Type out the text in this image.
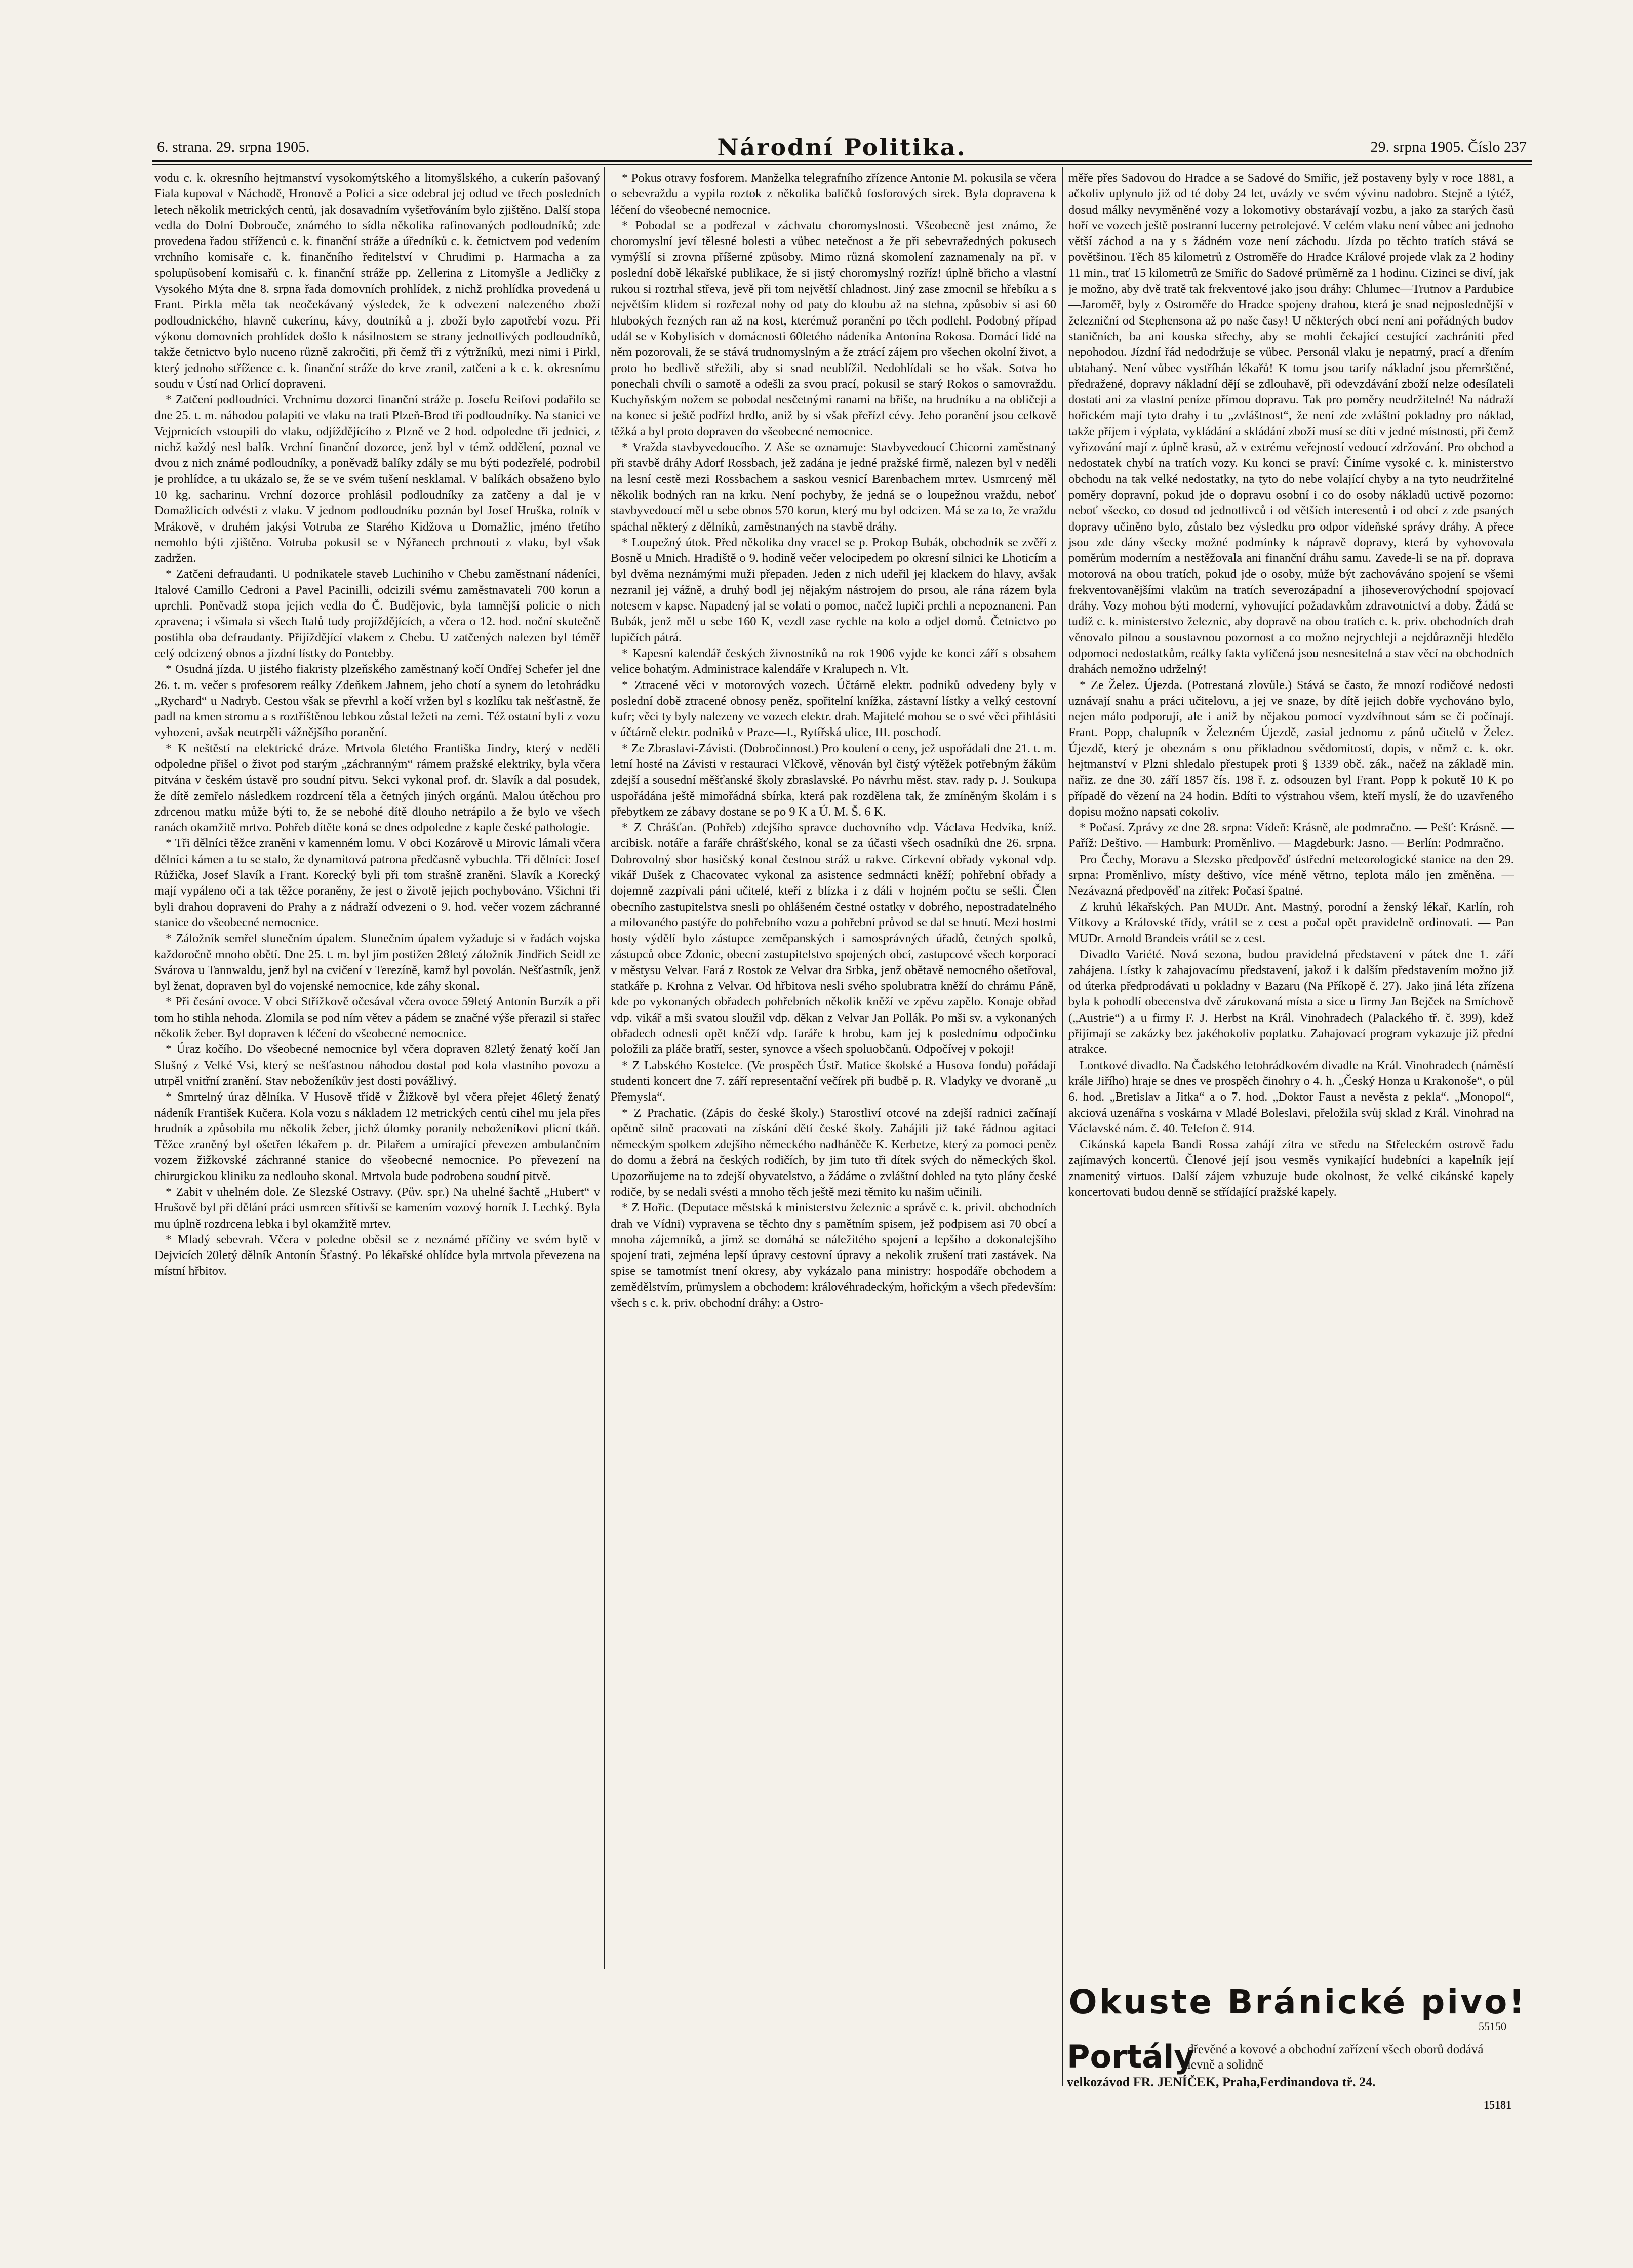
6. strana. 29. srpna 1905.	Národní Politika.	29. srpna 1905. Číslo 237

vodu c. k. okresního hejtmanství vysokomýtského a litomyšlského, a cukerín pašovaný Fiala kupoval v Náchodě, Hronově a Polici a sice odebral jej odtud ve třech posledních letech několik metrických centů, jak dosavadním vyšetřováním bylo zjištěno. Další stopa vedla do Dolní Dobrouče, známého to sídla několika rafinovaných podloudníků; zde provedena řadou stříženců c. k. finanční stráže a úředníků c. k. četnictvem pod vedením vrchního komisaře c. k. finančního ředitelství v Chrudimi p. Harmacha a za spolupůsobení komisařů c. k. finanční stráže pp. Zellerina z Litomyšle a Jedličky z Vysokého Mýta dne 8. srpna řada domovních prohlídek, z nichž prohlídka provedená u Frant. Pirkla měla tak neočekávaný výsledek, že k odvezení nalezeného zboží podloudnického, hlavně cukerínu, kávy, doutníků a j. zboží bylo zapotřebí vozu. Při výkonu domovních prohlídek došlo k násilnostem se strany jednotlivých podloudníků, takže četnictvo bylo nuceno různě zakročiti, při čemž tři z výtržníků, mezi nimi i Pirkl, který jednoho střížence c. k. finanční stráže do krve zranil, zatčeni a k c. k. okresnímu soudu v Ústí nad Orlicí dopraveni.

* Zatčení podloudníci. Vrchnímu dozorci finanční stráže p. Josefu Reifovi podařilo se dne 25. t. m. náhodou polapiti ve vlaku na trati Plzeň-Brod tři podloudníky. Na stanici ve Vejprnicích vstoupili do vlaku, odjíždějícího z Plzně ve 2 hod. odpoledne tři jednici, z nichž každý nesl balík. Vrchní finanční dozorce, jenž byl v témž oddělení, poznal ve dvou z nich známé podloudníky, a poněvadž balíky zdály se mu býti podezřelé, podrobil je prohlídce, a tu ukázalo se, že se ve svém tušení nesklamal. V balíkách obsaženo bylo 10 kg. sacharinu. Vrchní dozorce prohlásil podloudníky za zatčeny a dal je v Domažlicích odvésti z vlaku. V jednom podloudníku poznán byl Josef Hruška, rolník v Mrákově, v druhém jakýsi Votruba ze Starého Kidžova u Domažlic, jméno třetího nemohlo býti zjištěno. Votruba pokusil se v Nýřanech prchnouti z vlaku, byl však zadržen.

* Zatčeni defraudanti. U podnikatele staveb Luchiniho v Chebu zaměstnaní nádeníci, Italové Camillo Cedroni a Pavel Pacinilli, odcizili svému zaměstnavateli 700 korun a uprchli. Poněvadž stopa jejich vedla do Č. Budějovic, byla tamnější policie o nich zpravena; i všimala si všech Italů tudy projíždějících, a včera o 12. hod. noční skutečně postihla oba defraudanty. Přijíždějící vlakem z Chebu. U zatčených nalezen byl téměř celý odcizený obnos a jízdní lístky do Pontebby.

* Osudná jízda. U jistého fiakristy plzeňského zaměstnaný kočí Ondřej Schefer jel dne 26. t. m. večer s profesorem reálky Zdeňkem Jahnem, jeho chotí a synem do letohrádku „Rychard“ u Nadryb. Cestou však se převrhl a kočí vržen byl s kozlíku tak nešťastně, že padl na kmen stromu a s roztříštěnou lebkou zůstal ležeti na zemi. Též ostatní byli z vozu vyhozeni, avšak neutrpěli vážnějšího poranění.

* K neštěstí na elektrické dráze. Mrtvola 6letého Františka Jindry, který v neděli odpoledne přišel o život pod starým „záchranným“ rámem pražské elektriky, byla včera pitvána v českém ústavě pro soudní pitvu. Sekci vykonal prof. dr. Slavík a dal posudek, že dítě zemřelo následkem rozdrcení těla a četných jiných orgánů. Malou útěchou pro zdrcenou matku může býti to, že se nebohé dítě dlouho netrápilo a že bylo ve všech ranách okamžitě mrtvo. Pohřeb dítěte koná se dnes odpoledne z kaple české pathologie.

* Tři dělníci těžce zraněni v kamenném lomu. V obci Kozárově u Mirovic lámali včera dělníci kámen a tu se stalo, že dynamitová patrona předčasně vybuchla. Tři dělníci: Josef Růžička, Josef Slavík a Frant. Korecký byli při tom strašně zraněni. Slavík a Korecký mají vypáleno oči a tak těžce poraněny, že jest o životě jejich pochybováno. Všichni tři byli drahou dopraveni do Prahy a z nádraží odvezeni o 9. hod. večer vozem záchranné stanice do všeobecné nemocnice.

* Záložník semřel slunečním úpalem. Slunečním úpalem vyžaduje si v řadách vojska každoročně mnoho obětí. Dne 25. t. m. byl jím postižen 28letý záložník Jindřich Seidl ze Svárova u Tannwaldu, jenž byl na cvičení v Terezíně, kamž byl povolán. Nešťastník, jenž byl ženat, dopraven byl do vojenské nemocnice, kde záhy skonal.

* Při česání ovoce. V obci Střížkově očesával včera ovoce 59letý Antonín Burzík a při tom ho stihla nehoda. Zlomila se pod ním větev a pádem se značné výše přerazil si stařec několik žeber. Byl dopraven k léčení do všeobecné nemocnice.

* Úraz kočího. Do všeobecné nemocnice byl včera dopraven 82letý ženatý kočí Jan Slušný z Velké Vsi, který se nešťastnou náhodou dostal pod kola vlastního povozu a utrpěl vnitřní zranění. Stav neboženíkův jest dosti povážlivý.

* Smrtelný úraz dělníka. V Husově třídě v Žižkově byl včera přejet 46letý ženatý nádeník František Kučera. Kola vozu s nákladem 12 metrických centů cihel mu jela přes hrudník a způsobila mu několik žeber, jichž úlomky poranily neboženíkovi plicní tkáň. Těžce zraněný byl ošetřen lékařem p. dr. Pilařem a umírající převezen ambulančním vozem žižkovské záchranné stanice do všeobecné nemocnice. Po převezení na chirurgickou kliniku za nedlouho skonal. Mrtvola bude podrobena soudní pitvě.

* Zabit v uhelném dole. Ze Slezské Ostravy. (Pův. spr.) Na uhelné šachtě „Hubert“ v Hrušově byl při dělání práci usmrcen sřítivší se kamením vozový horník J. Lechký. Byla mu úplně rozdrcena lebka i byl okamžitě mrtev.

* Mladý sebevrah. Včera v poledne oběsil se z neznámé příčiny ve svém bytě v Dejvicích 20letý dělník Antonín Šťastný. Po lékařské ohlídce byla mrtvola převezena na místní hřbitov.

* Pokus otravy fosforem. Manželka telegrafního zřízence Antonie M. pokusila se včera o sebevraždu a vypila roztok z několika balíčků fosforových sirek. Byla dopravena k léčení do všeobecné nemocnice.

* Pobodal se a podřezal v záchvatu choromyslnosti. Všeobecně jest známo, že choromyslní jeví tělesné bolesti a vůbec netečnost a že při sebevražedných pokusech vymýšlí si zrovna příšerné způsoby. Mimo různá skomolení zaznamenaly na př. v poslední době lékařské publikace, že si jistý choromyslný rozříz! úplně břicho a vlastní rukou si roztrhal střeva, jevě při tom největší chladnost. Jiný zase zmocnil se hřebíku a s největším klidem si rozřezal nohy od paty do kloubu až na stehna, způsobiv si asi 60 hlubokých řezných ran až na kost, kterémuž poranění po těch podlehl. Podobný případ udál se v Kobylisích v domácnosti 60letého nádeníka Antonína Rokosa. Domácí lidé na něm pozorovali, že se stává trudnomyslným a že ztrácí zájem pro všechen okolní život, a proto ho bedlivě střežili, aby si snad neublížil. Nedohlídali se ho však. Sotva ho ponechali chvíli o samotě a odešli za svou prací, pokusil se starý Rokos o samovraždu. Kuchyňským nožem se pobodal nesčetnými ranami na břiše, na hrudníku a na obličeji a na konec si ještě podřízl hrdlo, aniž by si však přeřízl cévy. Jeho poranění jsou celkově těžká a byl proto dopraven do všeobecné nemocnice.

* Vražda stavbyvedoucího. Z Aše se oznamuje: Stavbyvedoucí Chicorni zaměstnaný při stavbě dráhy Adorf Rossbach, jež zadána je jedné pražské firmě, nalezen byl v neděli na lesní cestě mezi Rossbachem a saskou vesnicí Barenbachem mrtev. Usmrcený měl několik bodných ran na krku. Není pochyby, že jedná se o loupežnou vraždu, neboť stavbyvedoucí měl u sebe obnos 570 korun, který mu byl odcizen. Má se za to, že vraždu spáchal některý z dělníků, zaměstnaných na stavbě dráhy.

* Loupežný útok. Před několika dny vracel se p. Prokop Bubák, obchodník se zvěří z Bosně u Mnich. Hradiště o 9. hodině večer velocipedem po okresní silnici ke Lhoticím a byl dvěma neznámými muži přepaden. Jeden z nich udeřil jej klackem do hlavy, avšak nezranil jej vážně, a druhý bodl jej nějakým nástrojem do prsou, ale rána rázem byla notesem v kapse. Napadený jal se volati o pomoc, načež lupiči prchli a nepoznaneni. Pan Bubák, jenž měl u sebe 160 K, vezdl zase rychle na kolo a odjel domů. Četnictvo po lupičích pátrá.

* Kapesní kalendář českých živnostníků na rok 1906 vyjde ke konci září s obsahem velice bohatým. Administrace kalendáře v Kralupech n. Vlt.

* Ztracené věci v motorových vozech. Účtárně elektr. podniků odvedeny byly v poslední době ztracené obnosy peněz, spořitelní knížka, zástavní lístky a velký cestovní kufr; věci ty byly nalezeny ve vozech elektr. drah. Majitelé mohou se o své věci přihlásiti v účtárně elektr. podniků v Praze—I., Rytířská ulice, III. poschodí.

* Ze Zbraslavi-Závisti. (Dobročinnost.) Pro koulení o ceny, jež uspořádali dne 21. t. m. letní hosté na Závisti v restauraci Vlčkově, věnován byl čistý výtěžek potřebným žákům zdejší a sousední měšťanské školy zbraslavské. Po návrhu měst. stav. rady p. J. Soukupa uspořádána ještě mimořádná sbírka, která pak rozdělena tak, že zmíněným školám i s přebytkem ze zábavy dostane se po 9 K a Ú. M. Š. 6 K.

* Z Chrášťan. (Pohřeb) zdejšího spravce duchovního vdp. Václava Hedvíka, kníž. arcibisk. notáře a faráře chrášťského, konal se za účasti všech osadníků dne 26. srpna. Dobrovolný sbor hasičský konal čestnou stráž u rakve. Církevní obřady vykonal vdp. vikář Dušek z Chacovatec vykonal za asistence sedmnácti kněží; pohřební obřady a dojemně zazpívali páni učitelé, kteří z blízka i z dáli v hojném počtu se sešli. Člen obecního zastupitelstva snesli po ohlášeném čestné ostatky v dobrého, nepostradatelného a milovaného pastýře do pohřebního vozu a pohřební průvod se dal se hnutí. Mezi hostmi hosty výdělí bylo zástupce zeměpanských i samosprávných úřadů, četných spolků, zástupců obce Zdonic, obecní zastupitelstvo spojených obcí, zastupcové všech korporací v městysu Velvar. Fará z Rostok ze Velvar dra Srbka, jenž obětavě nemocného ošetřoval, statkáře p. Krohna z Velvar. Od hřbitova nesli svého spolubratra kněží do chrámu Páně, kde po vykonaných obřadech pohřebních několik kněží ve zpěvu zapělo. Konaje obřad vdp. vikář a mši svatou sloužil vdp. děkan z Velvar Jan Pollák. Po mši sv. a vykonaných obřadech odnesli opět kněží vdp. faráře k hrobu, kam jej k poslednímu odpočinku položili za pláče bratří, sester, synovce a všech spoluobčanů. Odpočívej v pokoji!

* Z Labského Kostelce. (Ve prospěch Ústř. Matice školské a Husova fondu) pořádají studenti koncert dne 7. září representační večírek při budbě p. R. Vladyky ve dvoraně „u Přemysla“.

* Z Prachatic. (Zápis do české školy.) Starostliví otcové na zdejší radnici začínají opětně silně pracovati na získání dětí české školy. Zahájili již také řádnou agitaci německým spolkem zdejšího německého nadháněče K. Kerbetze, který za pomoci peněz do domu a žebrá na českých rodičích, by jim tuto tři dítek svých do německých škol. Upozorňujeme na to zdejší obyvatelstvo, a žádáme o zvláštní dohled na tyto plány české rodiče, by se nedali svésti a mnoho těch ještě mezi těmito ku našim učinili.

* Z Hořic. (Deputace městská k ministerstvu železnic a správě c. k. privil. obchodních drah ve Vídni) vypravena se těchto dny s pamětním spisem, jež podpisem asi 70 obcí a mnoha zájemníků, a jímž se domáhá se náležitého spojení a lepšího a dokonalejšího spojení trati, zejména lepší úpravy cestovní úpravy a nekolik zrušení trati zastávek. Na spise se tamotmíst tnení okresy, aby vykázalo pana ministry: hospodáře obchodem a zemědělstvím, průmyslem a obchodem: královéhradeckým, hořickým a všech především: všech s c. k. priv. obchodní dráhy: a Ostro-

měře přes Sadovou do Hradce a se Sadové do Smiřic, jež postaveny byly v roce 1881, a ačkoliv uplynulo již od té doby 24 let, uvázly ve svém vývinu nadobro. Stejně a týtéž, dosud málky nevyměněné vozy a lokomotivy obstarávají vozbu, a jako za starých časů hoří ve vozech ještě postranní lucerny petrolejové. V celém vlaku není vůbec ani jednoho větší záchod a na y s žádném voze není záchodu. Jízda po těchto tratích stává se povětšinou. Těch 85 kilometrů z Ostroměře do Hradce Králové projede vlak za 2 hodiny 11 min., trať 15 kilometrů ze Smiřic do Sadové průměrně za 1 hodinu. Cizinci se diví, jak je možno, aby dvě tratě tak frekventové jako jsou dráhy: Chlumec—Trutnov a Pardubice—Jaroměř, byly z Ostroměře do Hradce spojeny drahou, která je snad nejposlednější v železniční od Stephensona až po naše časy! U některých obcí není ani pořádných budov staničních, ba ani kouska střechy, aby se mohli čekající cestující zachrániti před nepohodou. Jízdní řád nedodržuje se vůbec. Personál vlaku je nepatrný, prací a dřením ubtahaný. Není vůbec vystříhán lékařů! K tomu jsou tarify nákladní jsou přemrštěné, předražené, dopravy nákladní dějí se zdlouhavě, při odevzdávání zboží nelze odesílateli dostati ani za vlastní peníze přímou dopravu. Tak pro poměry neudržitelné! Na nádraží hořickém mají tyto drahy i tu „zvláštnost“, že není zde zvláštní pokladny pro náklad, takže příjem i výplata, vykládání a skládání zboží musí se díti v jedné místnosti, při čemž vyřizování mají z úplně krasů, až v extrému veřejností vedoucí zdržování. Pro obchod a nedostatek chybí na tratích vozy. Ku konci se praví: Činíme vysoké c. k. ministerstvo obchodu na tak velké nedostatky, na tyto do nebe volající chyby a na tyto neudržitelné poměry dopravní, pokud jde o dopravu osobní i co do osoby nákladů uctivě pozorno: neboť všecko, co dosud od jednotlivců i od větších interesentů i od obcí z zde psaných dopravy učiněno bylo, zůstalo bez výsledku pro odpor vídeňské správy dráhy. A přece jsou zde dány všecky možné podmínky k nápravě dopravy, která by vyhovovala poměrům moderním a nestěžovala ani finanční dráhu samu. Zavede-li se na př. doprava motorová na obou tratích, pokud jde o osoby, může být zachováváno spojení se všemi frekventovanějšími vlakům na tratích severozápadní a jihoseverovýchodní spojovací dráhy. Vozy mohou býti moderní, vyhovující požadavkům zdravotnictví a doby. Žádá se tudíž c. k. ministerstvo železnic, aby dopravě na obou tratích c. k. priv. obchodních drah věnovalo pilnou a soustavnou pozornost a co možno nejrychleji a nejdůrazněji hledělo odpomoci nedostatkům, reálky fakta vylíčená jsou nesnesitelná a stav věcí na obchodních drahách nemožno udrželný!

* Ze Želez. Újezda. (Potrestaná zlovůle.) Stává se často, že mnozí rodičové nedosti uznávají snahu a práci učitelovu, a jej ve snaze, by dítě jejich dobře vychováno bylo, nejen málo podporují, ale i aniž by nějakou pomocí vyzdvíhnout sám se či počínají. Frant. Popp, chalupník v Železném Újezdě, zasial jednomu z pánů učitelů v Želez. Újezdě, který je obeznám s onu příkladnou svědomitostí, dopis, v němž c. k. okr. hejtmanství v Plzni shledalo přestupek proti § 1339 obč. zák., načež na základě min. nařiz. ze dne 30. září 1857 čís. 198 ř. z. odsouzen byl Frant. Popp k pokutě 10 K po případě do vězení na 24 hodin. Bdíti to výstrahou všem, kteří myslí, že do uzavřeného dopisu možno napsati cokoliv.

* Počasí. Zprávy ze dne 28. srpna: Vídeň: Krásně, ale podmračno. — Pešť: Krásně. — Paříž: Deštivo. — Hamburk: Proměnlivo. — Magdeburk: Jasno. — Berlín: Podmračno.

Pro Čechy, Moravu a Slezsko předpověď ústřední meteorologické stanice na den 29. srpna: Proměnlivo, místy deštivo, více méně větrno, teplota málo jen změněna. — Nezávazná předpověď na zítřek: Počasí špatné.

Z kruhů lékařských. Pan MUDr. Ant. Mastný, porodní a ženský lékař, Karlín, roh Vítkovy a Královské třídy, vrátil se z cest a počal opět pravidelně ordinovati. — Pan MUDr. Arnold Brandeis vrátil se z cest.

Divadlo Variété. Nová sezona, budou pravidelná představení v pátek dne 1. září zahájena. Lístky k zahajovacímu představení, jakož i k dalším představením možno již od úterka předprodávati u pokladny v Bazaru (Na Příkopě č. 27). Jako jiná léta zřízena byla k pohodlí obecenstva dvě zárukovaná místa a sice u firmy Jan Bejček na Smíchově („Austrie“) a u firmy F. J. Herbst na Král. Vinohradech (Palackého tř. č. 399), kdež přijímají se zakázky bez jakéhokoliv poplatku. Zahajovací program vykazuje již přední atrakce.

Lontkové divadlo. Na Čadského letohrádkovém divadle na Král. Vinohradech (náměstí krále Jiřího) hraje se dnes ve prospěch činohry o 4. h. „Český Honza u Krakonoše“, o půl 6. hod. „Bretislav a Jitka“ a o 7. hod. „Doktor Faust a nevěsta z pekla“. „Monopol“, akciová uzenářna s voskárna v Mladé Boleslavi, přeložila svůj sklad z Král. Vinohrad na Václavské nám. č. 40. Telefon č. 914.

Cikánská kapela Bandi Rossa zahájí zítra ve středu na Střeleckém ostrově řadu zajímavých koncertů. Členové její jsou vesměs vynikající hudebníci a kapelník její znamenitý virtuos. Další zájem vzbuzuje bude okolnost, že velké cikánské kapely koncertovati budou denně se střídající pražské kapely.

Okuste Bránické pivo!
55150
Portály
dřevěné a kovové a obchodní zařízení všech oborů dodává levně a solidně
velkozávod FR. JENÍČEK, Praha,Ferdinandova tř. 24.
15181
